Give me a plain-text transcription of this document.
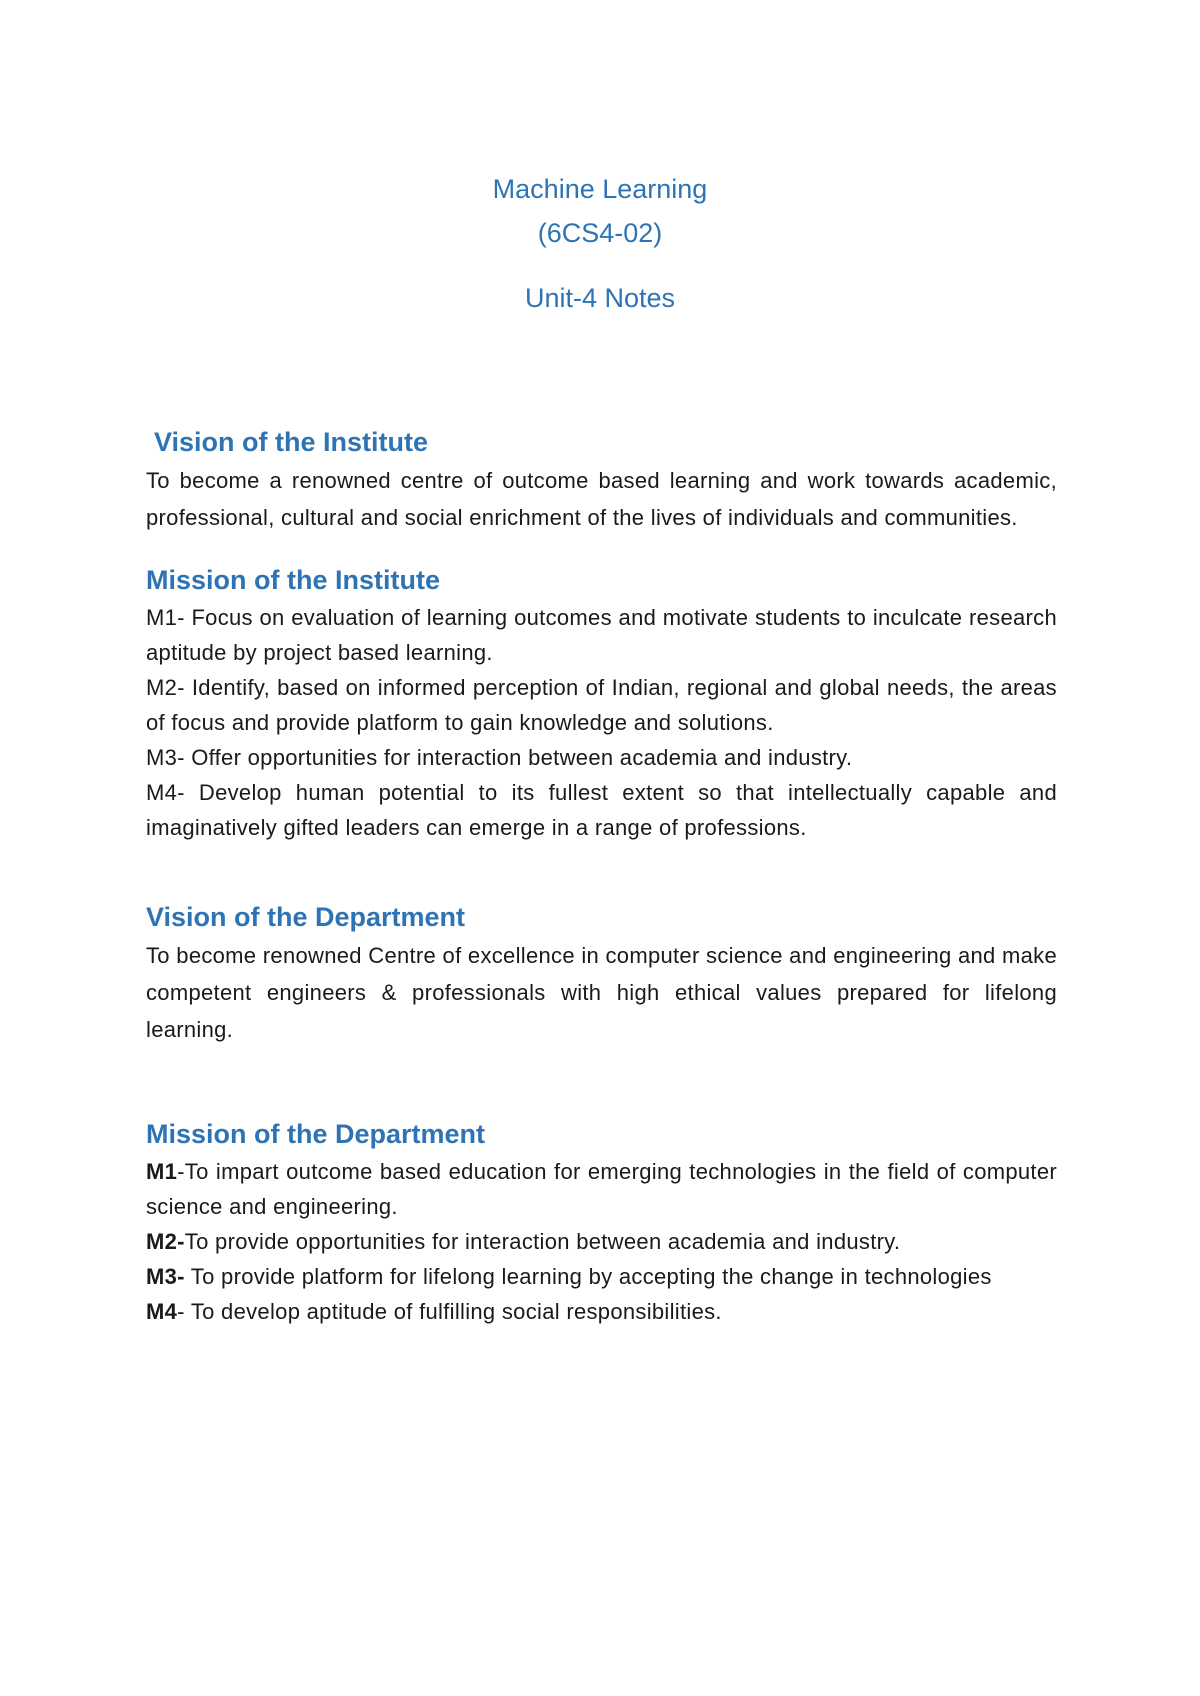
Machine Learning
(6CS4-02)
Unit-4 Notes
Vision of the Institute

To become a renowned centre of outcome based learning and work towards academic, professional, cultural and social enrichment of the lives of individuals and communities.

Mission of the Institute

M1- Focus on evaluation of learning outcomes and motivate students to inculcate research aptitude by project based learning.

M2- Identify, based on informed perception of Indian, regional and global needs, the areas of focus and provide platform to gain knowledge and solutions.

M3- Offer opportunities for interaction between academia and industry.

M4- Develop human potential to its fullest extent so that intellectually capable and imaginatively gifted leaders can emerge in a range of professions.

Vision of the Department

To become renowned Centre of excellence in computer science and engineering and make competent engineers & professionals with high ethical values prepared for lifelong learning.

Mission of the Department

M1-To impart outcome based education for emerging technologies in the field of computer science and engineering.

M2-To provide opportunities for interaction between academia and industry.

M3- To provide platform for lifelong learning by accepting the change in technologies

M4- To develop aptitude of fulfilling social responsibilities.
